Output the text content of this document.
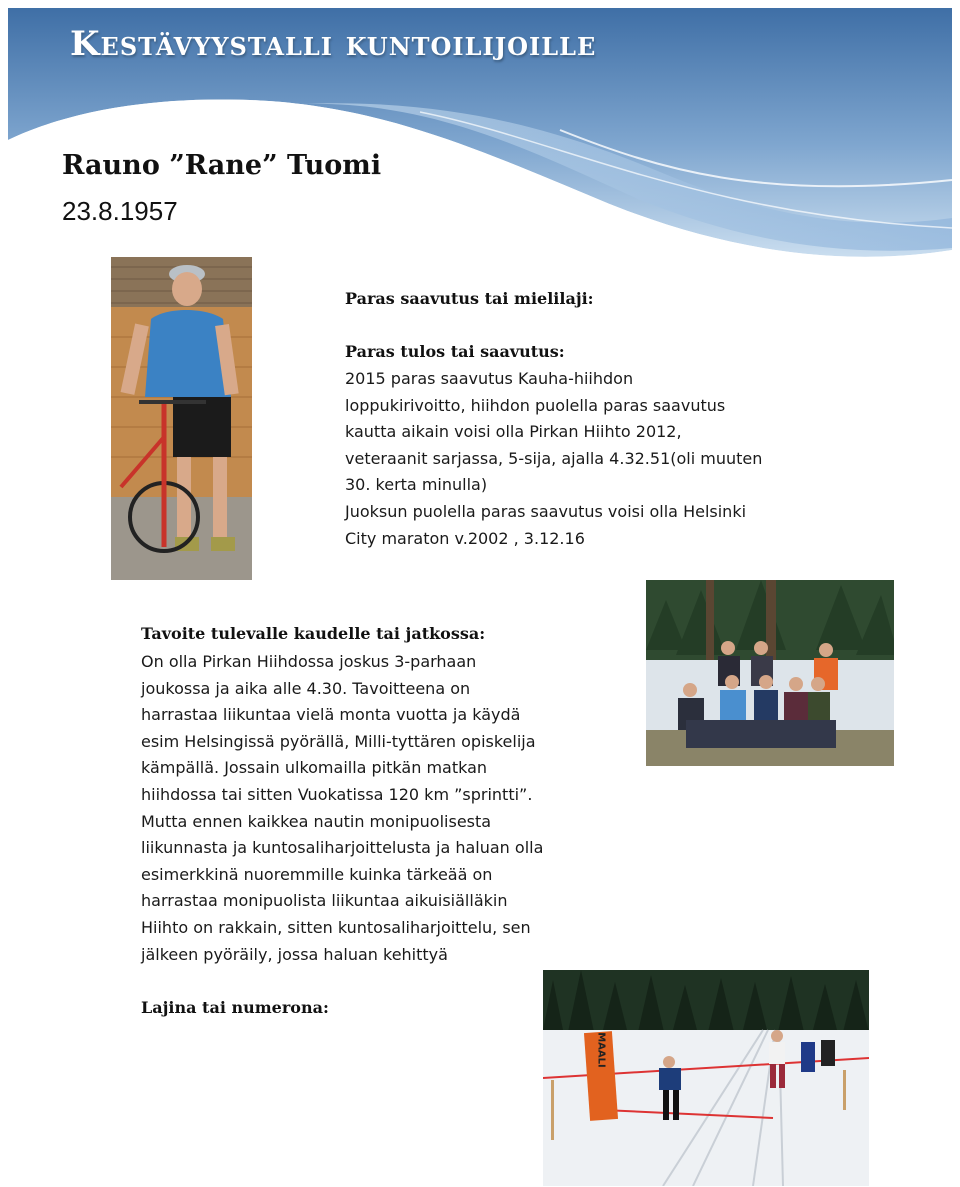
Kestävyystalli kuntoilijoille
Rauno ”Rane” Tuomi
23.8.1957
Paras saavutus tai mielilaji:
Paras tulos tai saavutus:
2015 paras saavutus Kauha-hiihdon
loppukirivoitto, hiihdon puolella paras saavutus
kautta aikain voisi olla Pirkan Hiihto 2012,
veteraanit sarjassa, 5-sija, ajalla 4.32.51(oli muuten
30. kerta minulla)
Juoksun puolella paras saavutus voisi olla Helsinki
City maraton v.2002 , 3.12.16
Tavoite tulevalle kaudelle tai jatkossa:
On olla Pirkan Hiihdossa joskus 3-parhaan
joukossa ja aika alle 4.30. Tavoitteena on
harrastaa liikuntaa vielä monta vuotta ja käydä
esim Helsingissä pyörällä, Milli-tyttären opiskelija
kämpällä. Jossain ulkomailla pitkän matkan
hiihdossa tai sitten Vuokatissa 120 km ”sprintti”.
Mutta ennen kaikkea nautin monipuolisesta
liikunnasta ja kuntosaliharjoittelusta ja haluan olla
esimerkkinä nuoremmille kuinka tärkeää on
harrastaa monipuolista liikuntaa aikuisiälläkin
Hiihto on rakkain, sitten kuntosaliharjoittelu, sen
jälkeen pyöräily, jossa haluan kehittyä
Lajina tai numerona:
MAALI
